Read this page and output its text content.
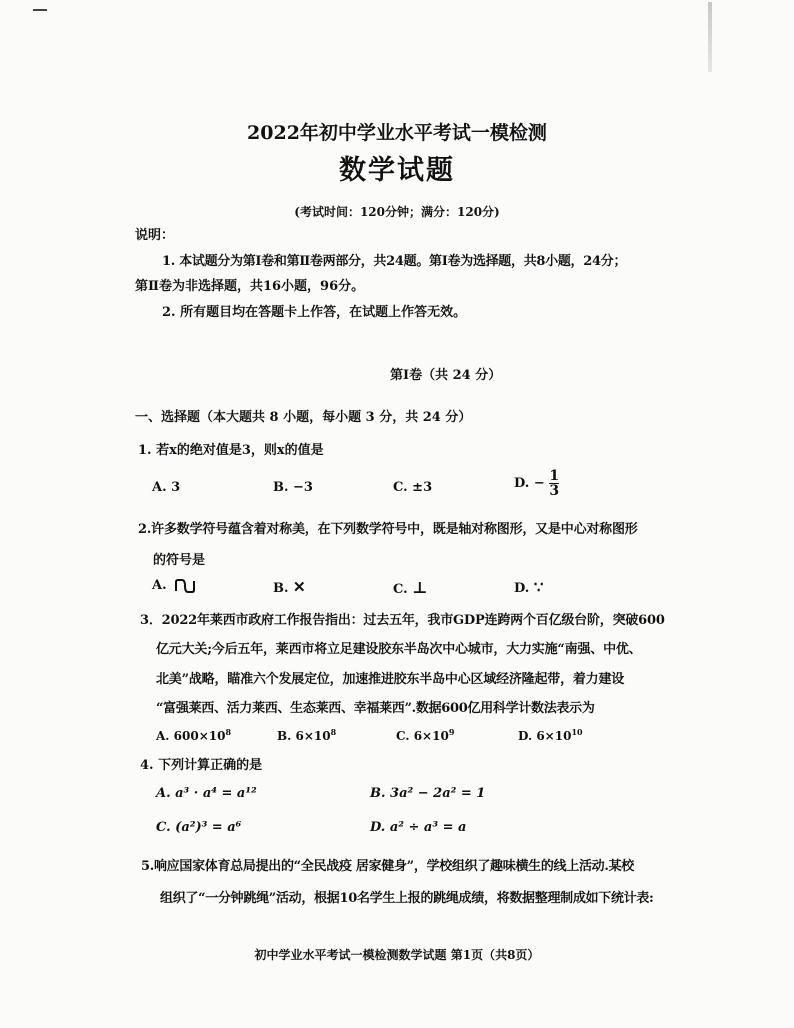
2022年初中学业水平考试一模检测
数学试题
(考试时间：120分钟；满分：120分)
说明：
1. 本试题分为第Ⅰ卷和第Ⅱ卷两部分，共24题。第Ⅰ卷为选择题，共8小题，24分；
第Ⅱ卷为非选择题，共16小题，96分。
2. 所有题目均在答题卡上作答，在试题上作答无效。
第Ⅰ卷（共 24 分）
一、选择题（本大题共 8 小题，每小题 3 分，共 24 分）
1. 若x的绝对值是3，则x的值是
A. 3	B. −3	C. ±3	D. − $\frac{1}{3}$
2.许多数学符号蕴含着对称美，在下列数学符号中，既是轴对称图形，又是中心对称图形
的符号是
A.	B. ✕	C. ⊥	D. ∵
3．2022年莱西市政府工作报告指出：过去五年，我市GDP连跨两个百亿级台阶，突破600
亿元大关;今后五年，莱西市将立足建设胶东半岛次中心城市，大力实施“南强、中优、
北美”战略，瞄准六个发展定位，加速推进胶东半岛中心区域经济隆起带，着力建设
“富强莱西、活力莱西、生态莱西、幸福莱西”.数据600亿用科学计数法表示为
A. $600\times 10^8$	B. $6\times 10^8$	C. $6\times 10^9$	D. $6\times 10^{10}$
4. 下列计算正确的是
A. a³ · a⁴ = a¹²	B. 3a² − 2a² = 1
C. (a²)³ = a⁶	D. a² ÷ a³ = a
5.响应国家体育总局提出的“全民战疫 居家健身”，学校组织了趣味横生的线上活动.某校
组织了“一分钟跳绳”活动，根据10名学生上报的跳绳成绩，将数据整理制成如下统计表:
初中学业水平考试一模检测数学试题 第1页（共8页）
